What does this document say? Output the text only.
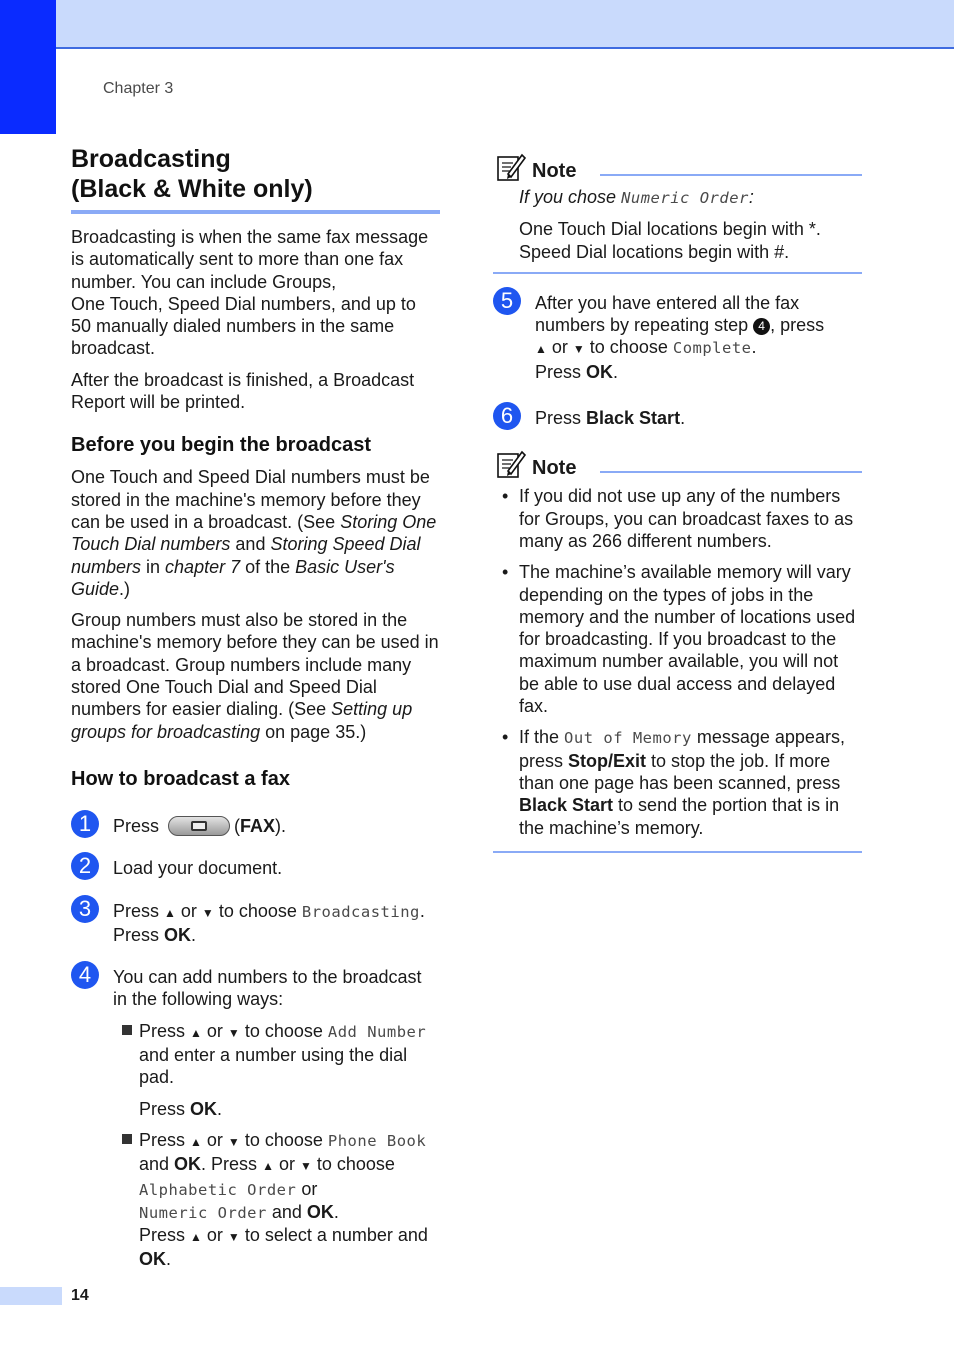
Chapter 3
Broadcasting
(Black & White only)

Broadcasting is when the same fax message is automatically sent to more than one fax number. You can include Groups,
One Touch, Speed Dial numbers, and up to 50 manually dialed numbers in the same broadcast.

After the broadcast is finished, a Broadcast Report will be printed.

Before you begin the broadcast

One Touch and Speed Dial numbers must be stored in the machine's memory before they can be used in a broadcast. (See Storing One Touch Dial numbers and Storing Speed Dial numbers in chapter 7 of the Basic User's Guide.)

Group numbers must also be stored in the machine's memory before they can be used in a broadcast. Group numbers include many stored One Touch Dial and Speed Dial numbers for easier dialing. (See Setting up groups for broadcasting on page 35.)

How to broadcast a fax
1	Press	(FAX).
2	Load your document.
3	Press ▲ or ▼ to choose Broadcasting.
Press OK.
4	You can add numbers to the broadcast in the following ways:

Press ▲ or ▼ to choose Add Number and enter a number using the dial pad.

Press OK.

Press ▲ or ▼ to choose Phone Book
and OK. Press ▲ or ▼ to choose
Alphabetic Order or
Numeric Order and OK.
Press ▲ or ▼ to select a number and
OK.

Note

If you chose Numeric Order:

One Touch Dial locations begin with *.
Speed Dial locations begin with #.

5	After you have entered all the fax numbers by repeating step 4 , press
▲ or ▼ to choose Complete.
Press OK.
6	Press Black Start.
Note
• If you did not use up any of the numbers for Groups, you can broadcast faxes to as many as 266 different numbers.
• The machine’s available memory will vary depending on the types of jobs in the memory and the number of locations used for broadcasting. If you broadcast to the maximum number available, you will not be able to use dual access and delayed fax.
• If the Out of Memory message appears, press Stop/Exit to stop the job. If more than one page has been scanned, press Black Start to send the portion that is in the machine’s memory.
14
